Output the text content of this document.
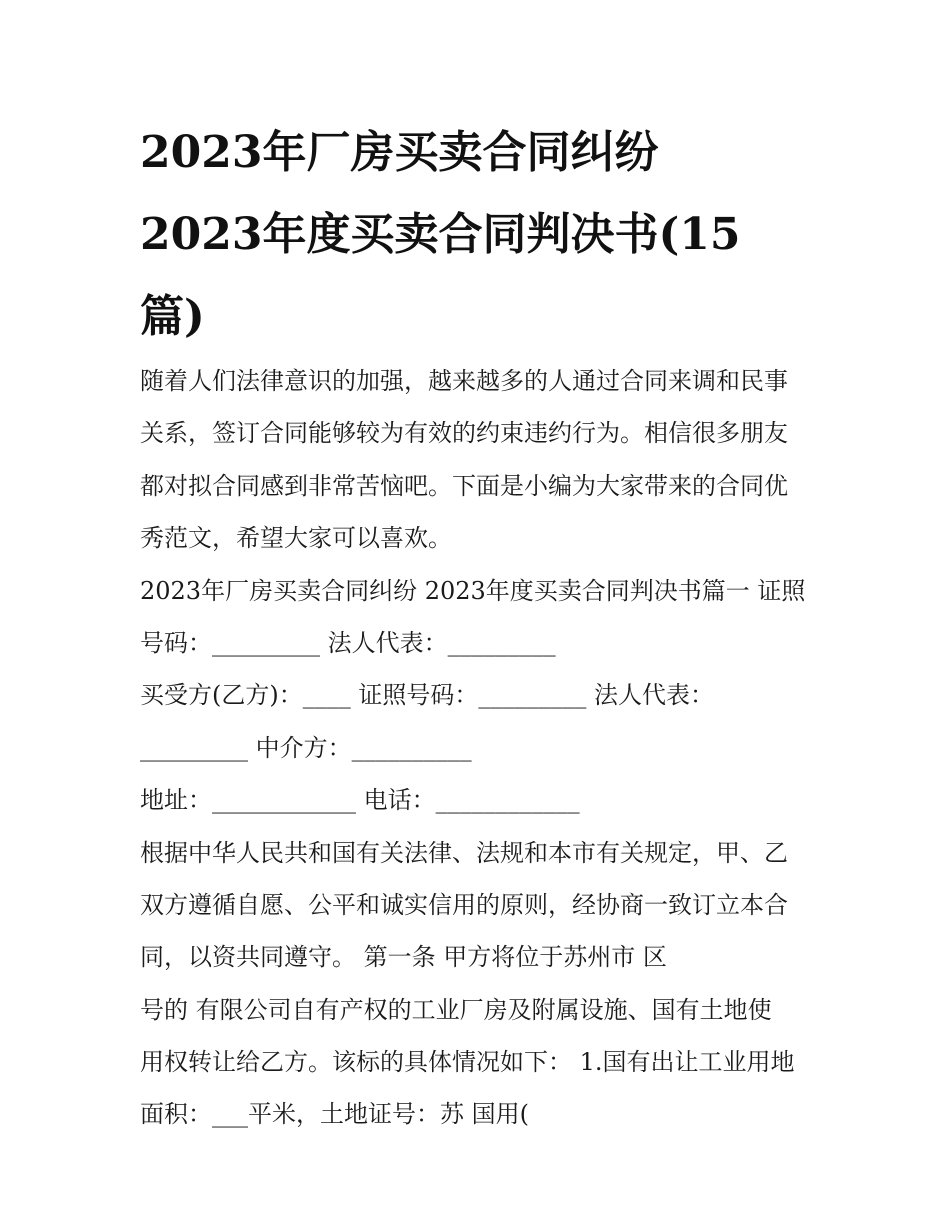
2023年厂房买卖合同纠纷
2023年度买卖合同判决书(15
篇)
随着人们法律意识的加强，越来越多的人通过合同来调和民事
关系，签订合同能够较为有效的约束违约行为。相信很多朋友
都对拟合同感到非常苦恼吧。下面是小编为大家带来的合同优
秀范文，希望大家可以喜欢。
2023年厂房买卖合同纠纷 2023年度买卖合同判决书篇一 证照
号码：_________ 法人代表：_________
买受方(乙方)：____ 证照号码：_________ 法人代表：
_________ 中介方：__________
地址：____________ 电话：____________
根据中华人民共和国有关法律、法规和本市有关规定，甲、乙
双方遵循自愿、公平和诚实信用的原则，经协商一致订立本合
同，以资共同遵守。 第一条 甲方将位于苏州市 区
号的 有限公司自有产权的工业厂房及附属设施、国有土地使
用权转让给乙方。该标的具体情况如下： 1.国有出让工业用地
面积：___平米，土地证号：苏 国用(
